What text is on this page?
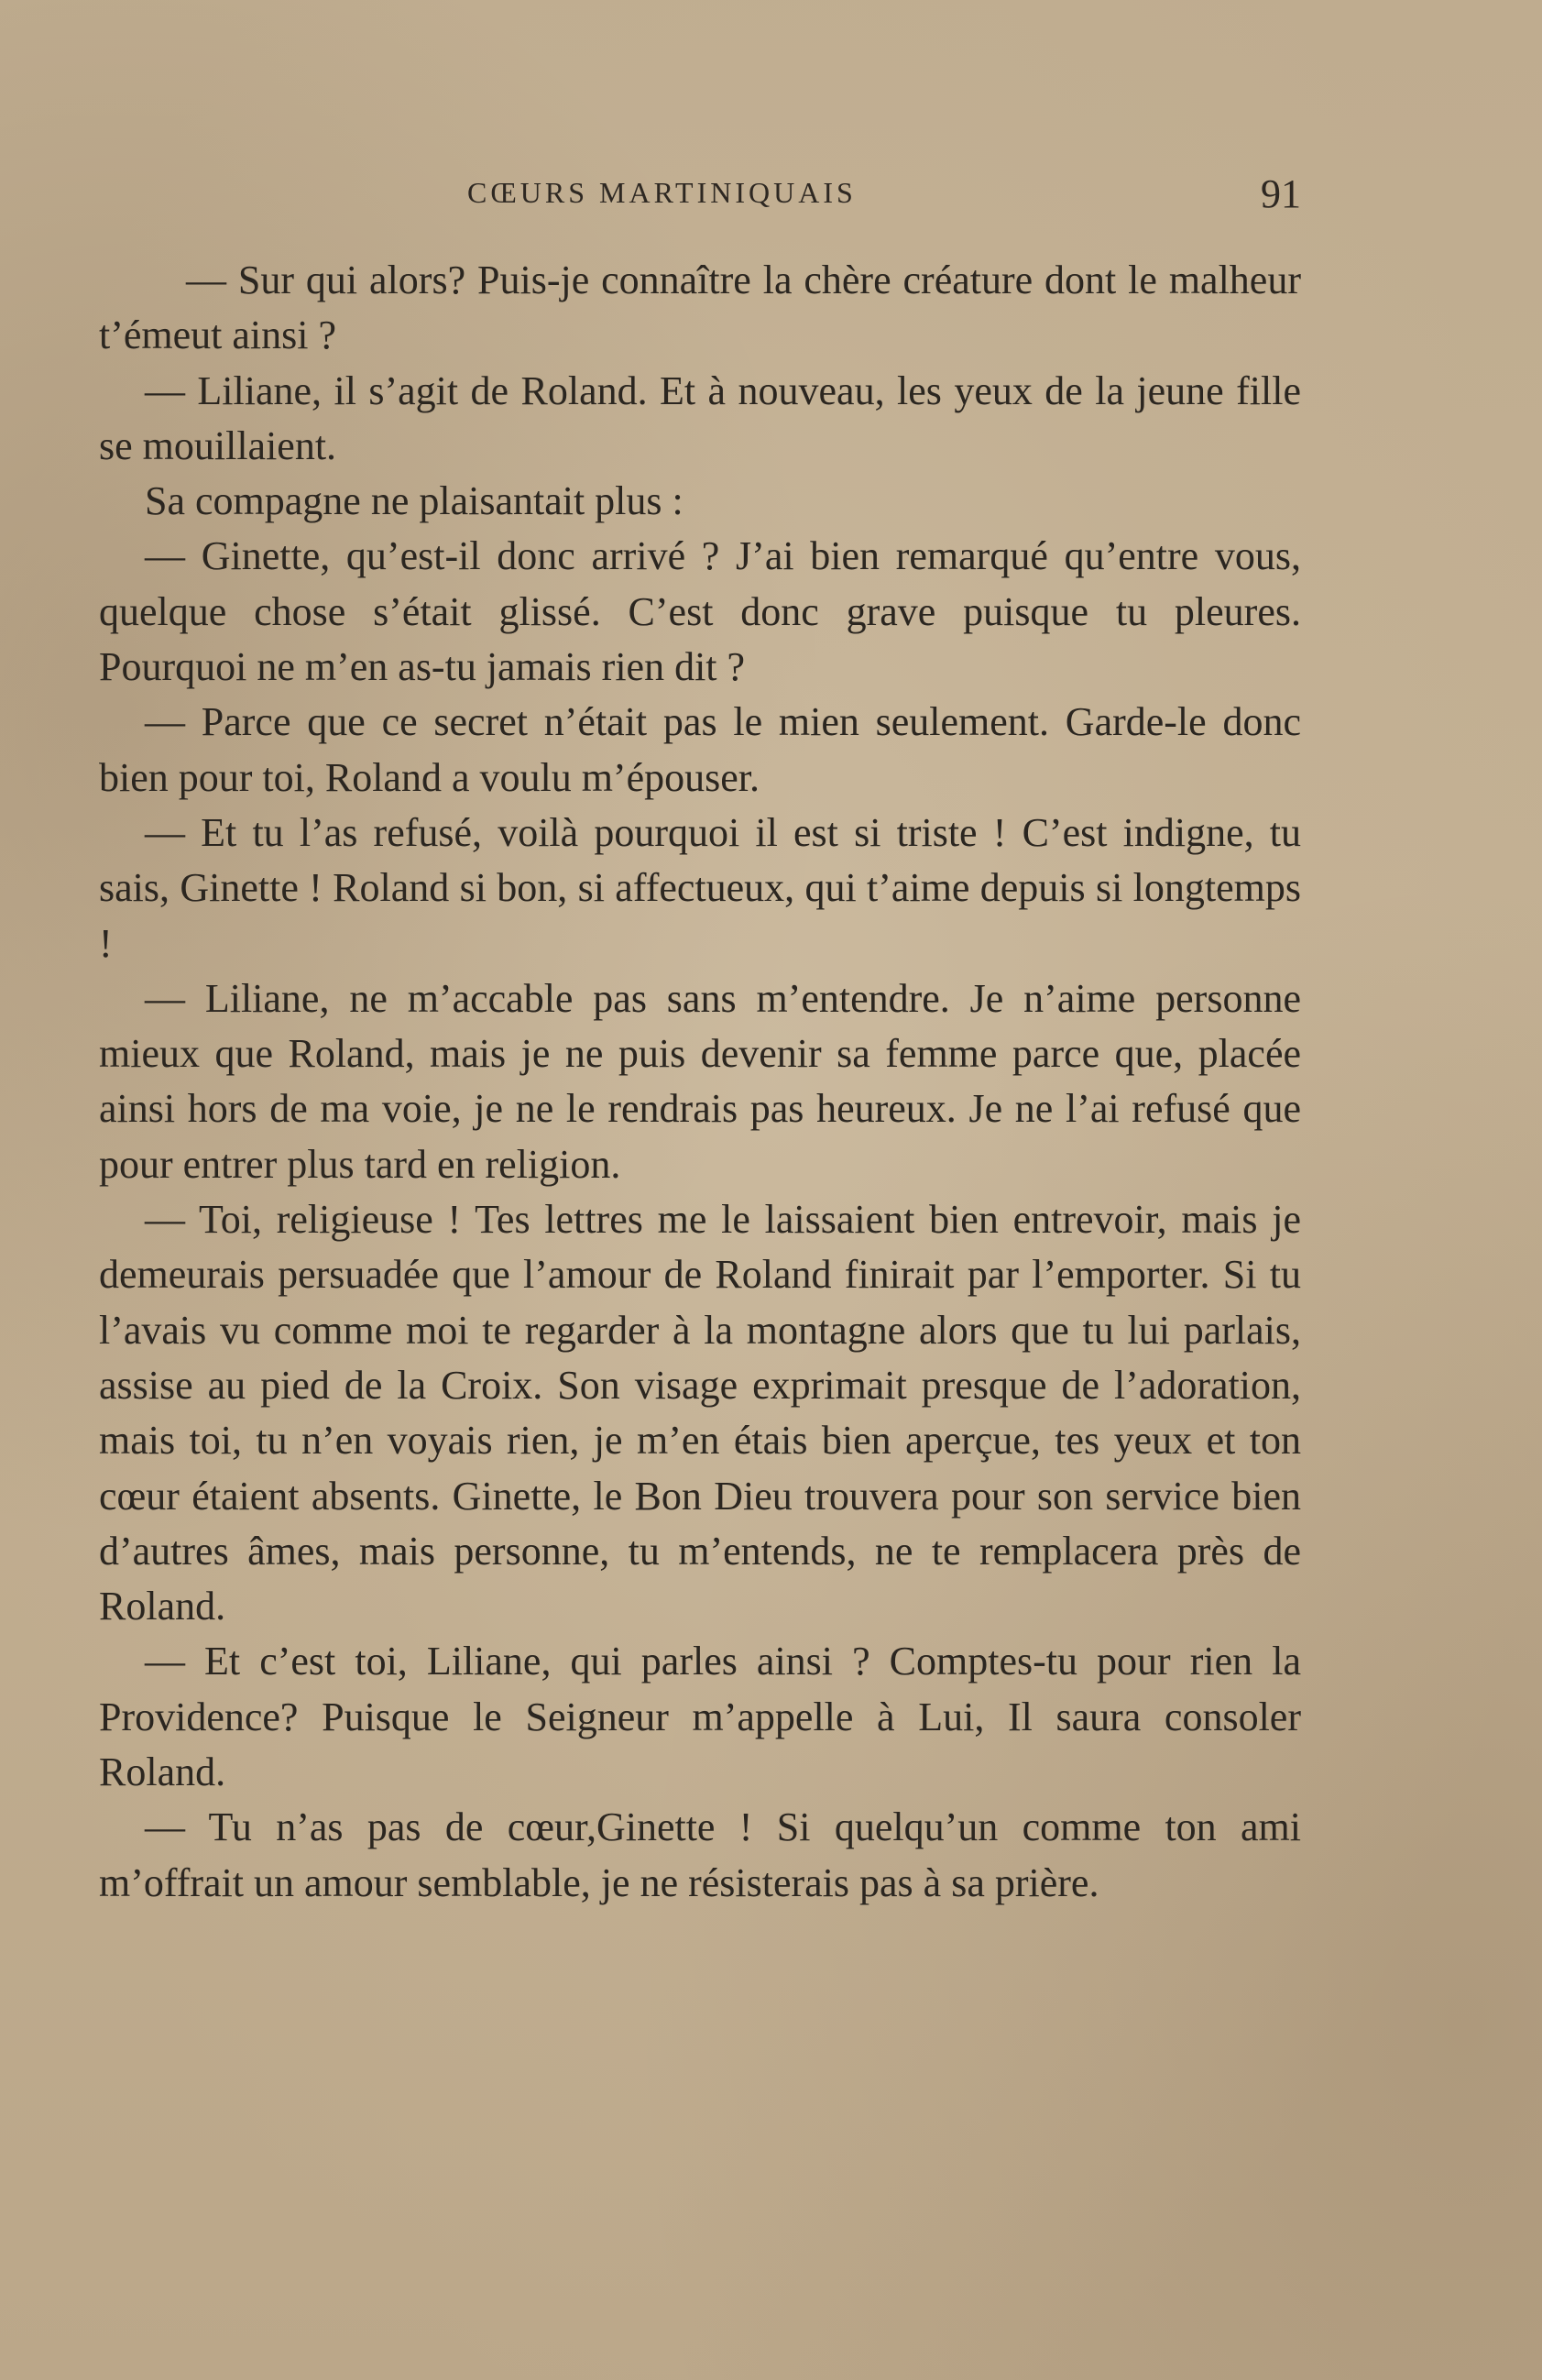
CŒURS MARTINIQUAIS	91

— Sur qui alors? Puis-je connaître la chère créature dont le malheur t’émeut ainsi ?

— Liliane, il s’agit de Roland. Et à nouveau, les yeux de la jeune fille se mouillaient.

Sa compagne ne plaisantait plus :

— Ginette, qu’est-il donc arrivé ? J’ai bien remarqué qu’entre vous, quelque chose s’était glissé. C’est donc grave puisque tu pleures. Pourquoi ne m’en as-tu jamais rien dit ?

— Parce que ce secret n’était pas le mien seulement. Garde-le donc bien pour toi, Roland a voulu m’épouser.

— Et tu l’as refusé, voilà pourquoi il est si triste ! C’est indigne, tu sais, Ginette ! Roland si bon, si affectueux, qui t’aime depuis si longtemps !

— Liliane, ne m’accable pas sans m’entendre. Je n’aime personne mieux que Roland, mais je ne puis devenir sa femme parce que, placée ainsi hors de ma voie, je ne le rendrais pas heureux. Je ne l’ai refusé que pour entrer plus tard en religion.

— Toi, religieuse ! Tes lettres me le laissaient bien entrevoir, mais je demeurais persuadée que l’amour de Roland finirait par l’emporter. Si tu l’avais vu comme moi te regarder à la montagne alors que tu lui parlais, assise au pied de la Croix. Son visage exprimait presque de l’adoration, mais toi, tu n’en voyais rien, je m’en étais bien aperçue, tes yeux et ton cœur étaient absents. Ginette, le Bon Dieu trouvera pour son service bien d’autres âmes, mais personne, tu m’entends, ne te remplacera près de Roland.

— Et c’est toi, Liliane, qui parles ainsi ? Comptes-tu pour rien la Providence? Puisque le Seigneur m’appelle à Lui, Il saura consoler Roland.

— Tu n’as pas de cœur,Ginette ! Si quelqu’un comme ton ami m’offrait un amour semblable, je ne résisterais pas à sa prière.
